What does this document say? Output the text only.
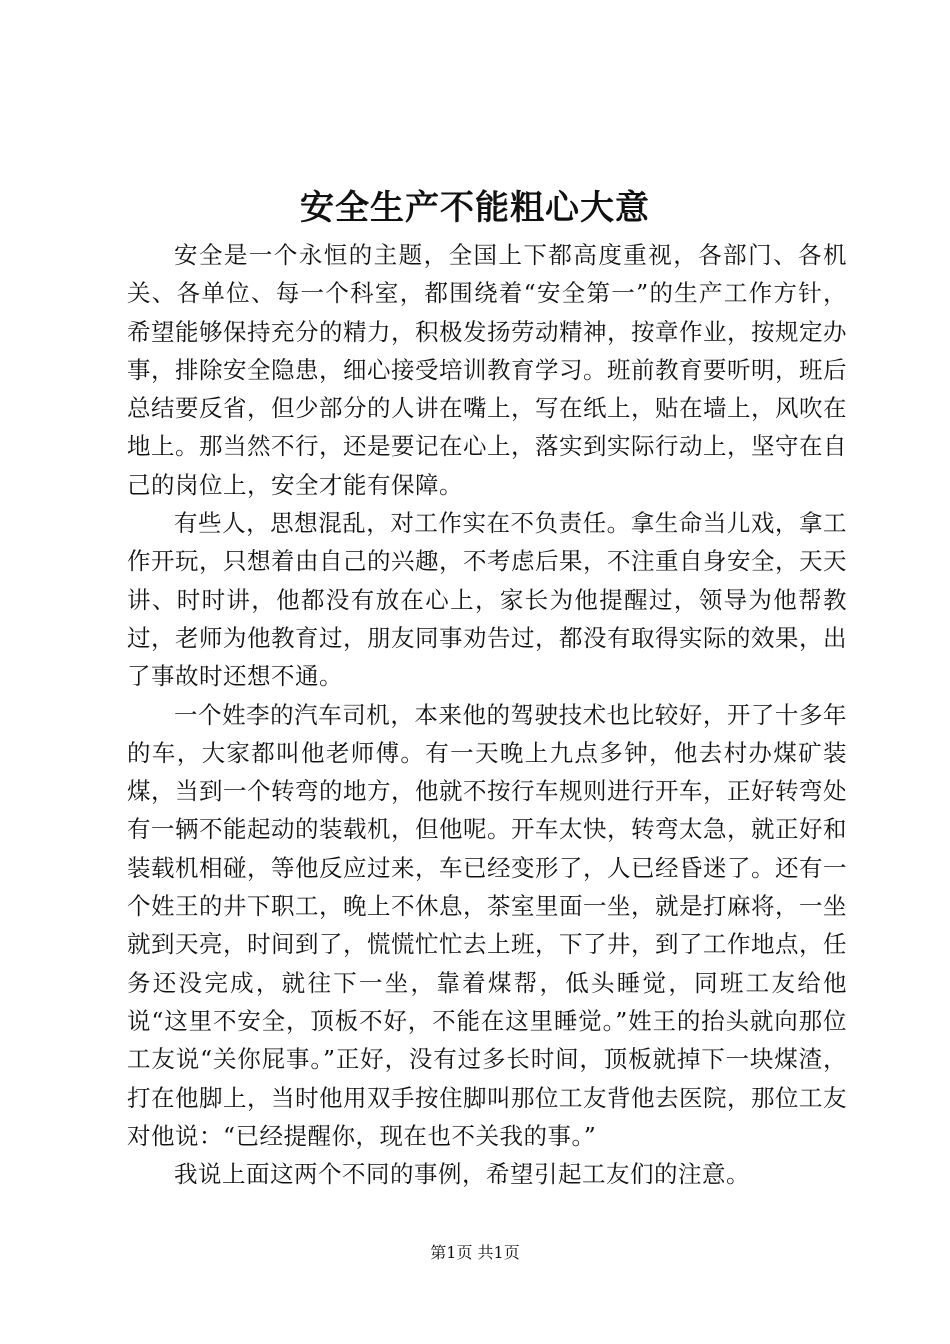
安全生产不能粗心大意

安全是一个永恒的主题，全国上下都高度重视，各部门、各机关、各单位、每一个科室，都围绕着“安全第一”的生产工作方针，希望能够保持充分的精力，积极发扬劳动精神，按章作业，按规定办事，排除安全隐患，细心接受培训教育学习。班前教育要听明，班后总结要反省，但少部分的人讲在嘴上，写在纸上，贴在墙上，风吹在地上。那当然不行，还是要记在心上，落实到实际行动上，坚守在自己的岗位上，安全才能有保障。

有些人，思想混乱，对工作实在不负责任。拿生命当儿戏，拿工作开玩，只想着由自己的兴趣，不考虑后果，不注重自身安全，天天讲、时时讲，他都没有放在心上，家长为他提醒过，领导为他帮教过，老师为他教育过，朋友同事劝告过，都没有取得实际的效果，出了事故时还想不通。

一个姓李的汽车司机，本来他的驾驶技术也比较好，开了十多年的车，大家都叫他老师傅。有一天晚上九点多钟，他去村办煤矿装煤，当到一个转弯的地方，他就不按行车规则进行开车，正好转弯处有一辆不能起动的装载机，但他呢。开车太快，转弯太急，就正好和装载机相碰，等他反应过来，车已经变形了，人已经昏迷了。还有一个姓王的井下职工，晚上不休息，茶室里面一坐，就是打麻将，一坐就到天亮，时间到了，慌慌忙忙去上班，下了井，到了工作地点，任务还没完成，就往下一坐，靠着煤帮，低头睡觉，同班工友给他说“这里不安全，顶板不好，不能在这里睡觉。”姓王的抬头就向那位工友说“关你屁事。”正好，没有过多长时间，顶板就掉下一块煤渣，打在他脚上，当时他用双手按住脚叫那位工友背他去医院，那位工友对他说：“已经提醒你，现在也不关我的事。”

我说上面这两个不同的事例，希望引起工友们的注意。

第1页 共1页
